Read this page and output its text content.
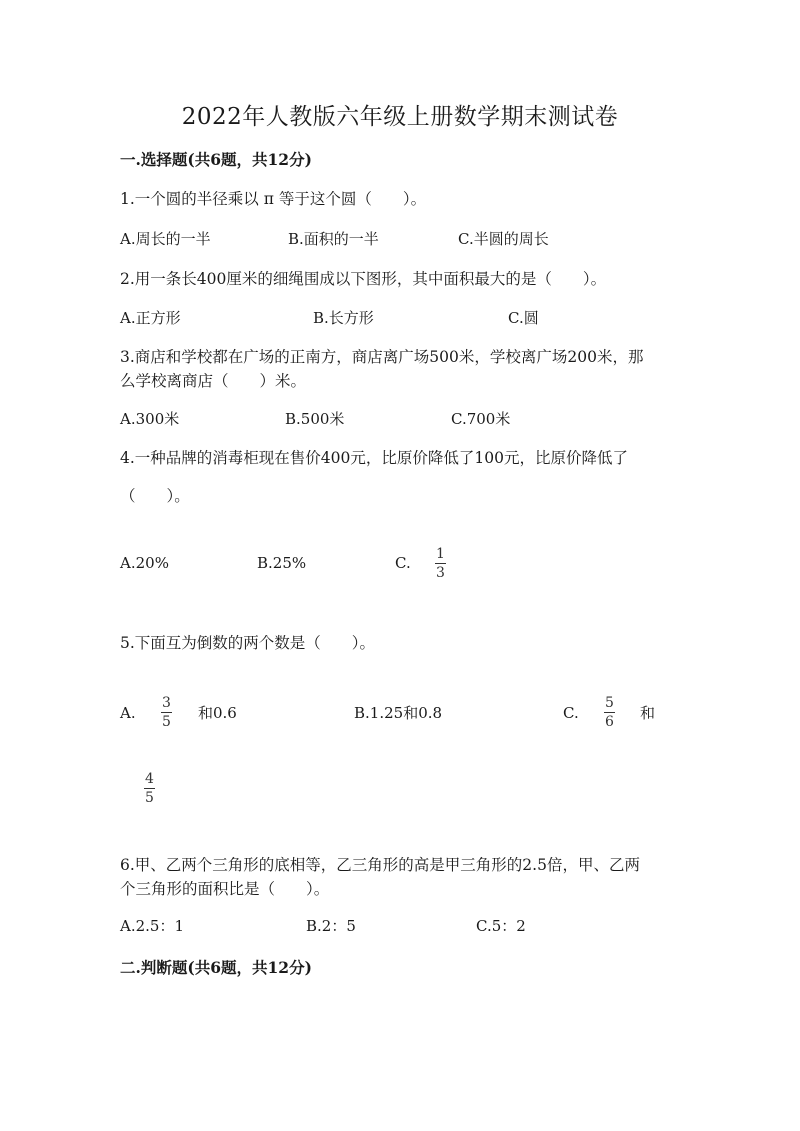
2022年人教版六年级上册数学期末测试卷
一.选择题(共6题，共12分)
1.一个圆的半径乘以 π 等于这个圆（　　）。
A.周长的一半	B.面积的一半	C.半圆的周长
2.用一条长400厘米的细绳围成以下图形，其中面积最大的是（　　）。
A.正方形	B.长方形	C.圆
3.商店和学校都在广场的正南方，商店离广场500米，学校离广场200米，那
么学校离商店（　　）米。
A.300米	B.500米	C.700米
4.一种品牌的消毒柜现在售价400元，比原价降低了100元，比原价降低了
（　　）。
A.20%	B.25%	C. 1
3
5.下面互为倒数的两个数是（　　）。
A.
3
5 和0.6	B.1.25和0.8	C.
5
6 和
4
5
6.甲、乙两个三角形的底相等，乙三角形的高是甲三角形的2.5倍，甲、乙两
个三角形的面积比是（　　）。
A.2.5：1	B.2：5	C.5：2
二.判断题(共6题，共12分)
